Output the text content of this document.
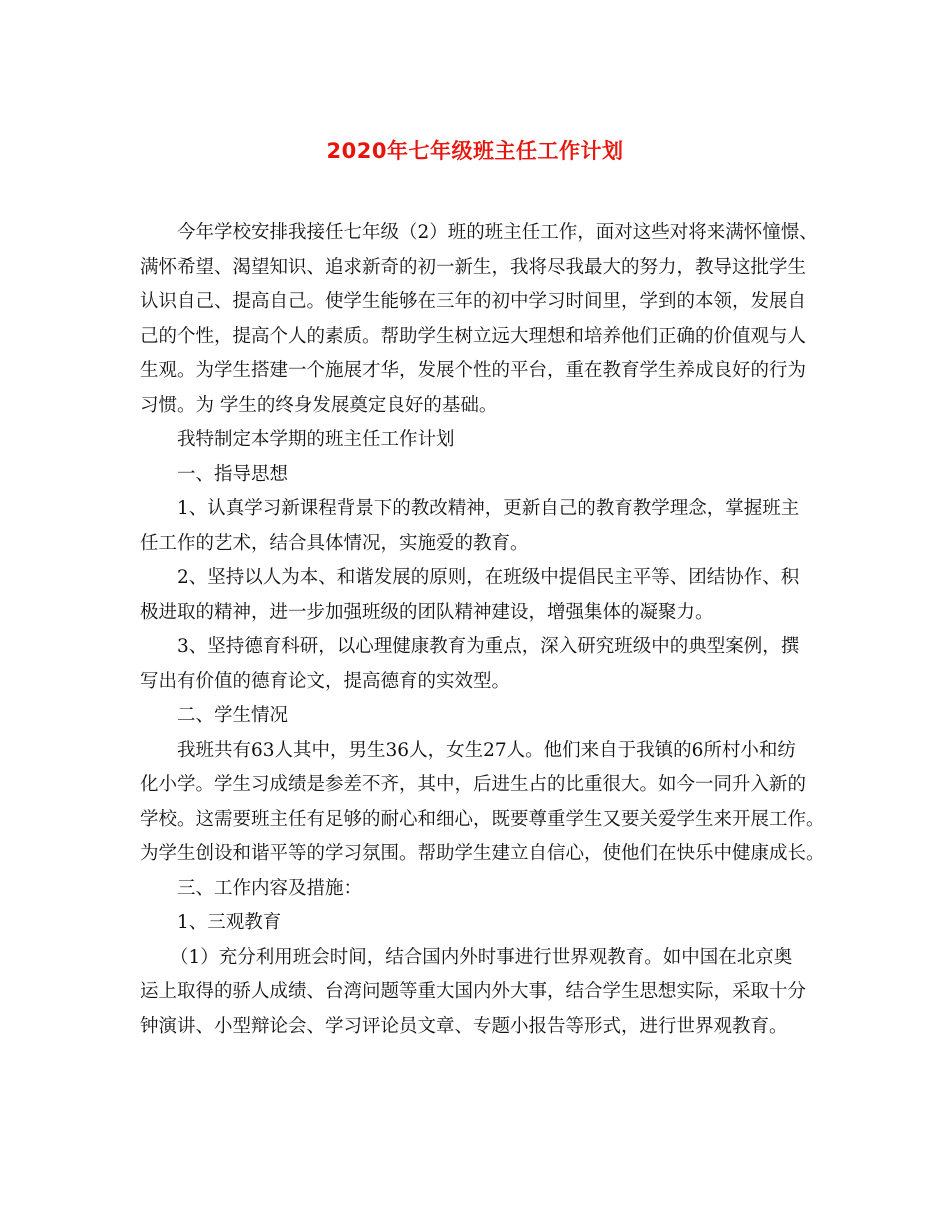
2020年七年级班主任工作计划

今年学校安排我接任七年级（2）班的班主任工作，面对这些对将来满怀憧憬、
满怀希望、渴望知识、追求新奇的初一新生，我将尽我最大的努力，教导这批学生
认识自己、提高自己。使学生能够在三年的初中学习时间里，学到的本领，发展自
己的个性，提高个人的素质。帮助学生树立远大理想和培养他们正确的价值观与人
生观。为学生搭建一个施展才华，发展个性的平台，重在教育学生养成良好的行为
习惯。为 学生的终身发展奠定良好的基础。

我特制定本学期的班主任工作计划

一、指导思想

1、认真学习新课程背景下的教改精神，更新自己的教育教学理念，掌握班主
任工作的艺术，结合具体情况，实施爱的教育。

2、坚持以人为本、和谐发展的原则，在班级中提倡民主平等、团结协作、积
极进取的精神，进一步加强班级的团队精神建设，增强集体的凝聚力。

3、坚持德育科研，以心理健康教育为重点，深入研究班级中的典型案例，撰
写出有价值的德育论文，提高德育的实效型。

二、学生情况

我班共有63人其中，男生36人，女生27人。他们来自于我镇的6所村小和纺
化小学。学生习成绩是参差不齐，其中，后进生占的比重很大。如今一同升入新的
学校。这需要班主任有足够的耐心和细心，既要尊重学生又要关爱学生来开展工作。
为学生创设和谐平等的学习氛围。帮助学生建立自信心，使他们在快乐中健康成长。

三、工作内容及措施：

1、三观教育

（1）充分利用班会时间，结合国内外时事进行世界观教育。如中国在北京奥
运上取得的骄人成绩、台湾问题等重大国内外大事，结合学生思想实际，采取十分
钟演讲、小型辩论会、学习评论员文章、专题小报告等形式，进行世界观教育。
